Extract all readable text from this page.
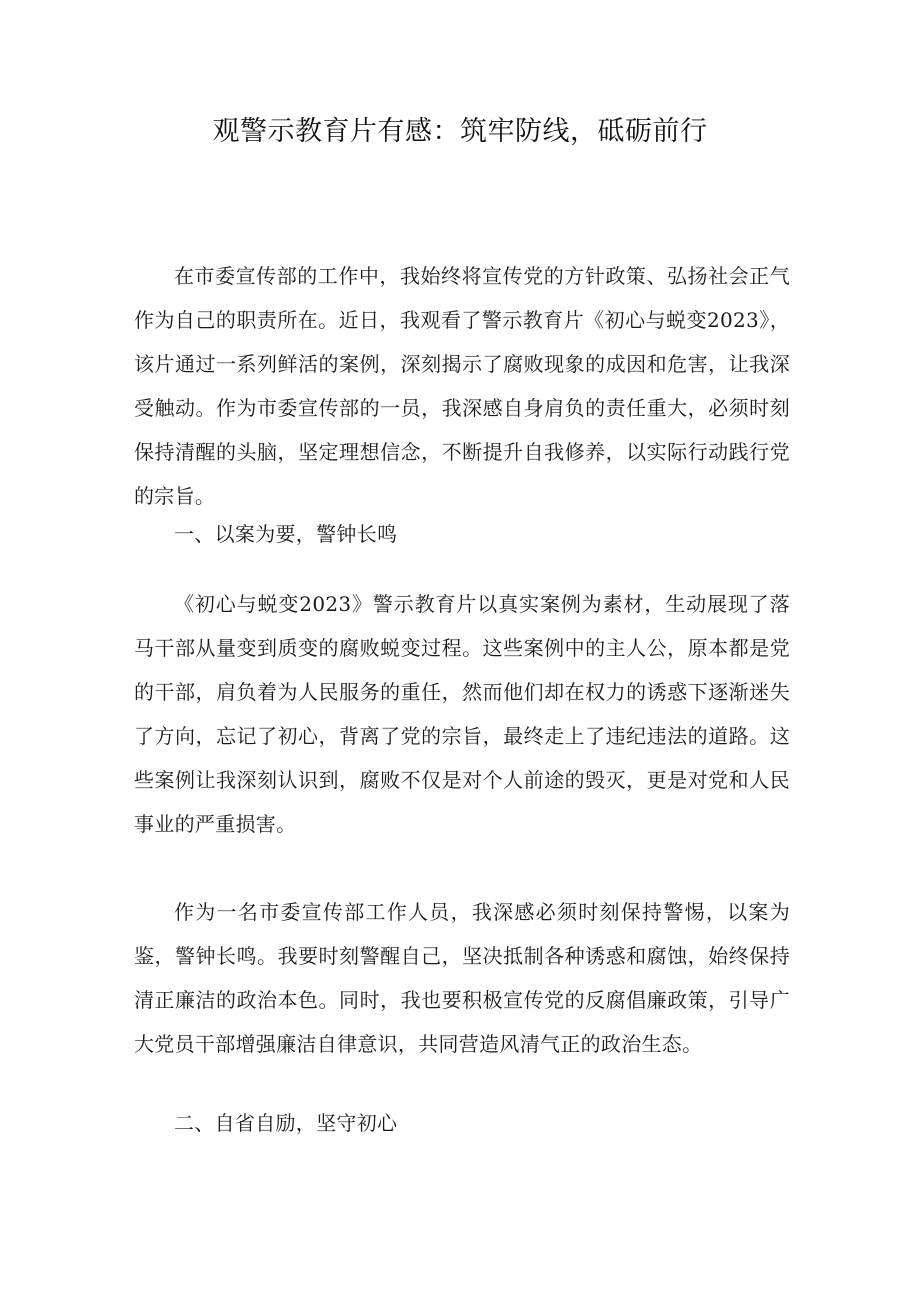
观警示教育片有感：筑牢防线，砥砺前行

在市委宣传部的工作中，我始终将宣传党的方针政策、弘扬社会正气作为自己的职责所在。近日，我观看了警示教育片《初心与蜕变2023》，该片通过一系列鲜活的案例，深刻揭示了腐败现象的成因和危害，让我深受触动。作为市委宣传部的一员，我深感自身肩负的责任重大，必须时刻保持清醒的头脑，坚定理想信念，不断提升自我修养，以实际行动践行党的宗旨。

一、以案为要，警钟长鸣

《初心与蜕变2023》警示教育片以真实案例为素材，生动展现了落马干部从量变到质变的腐败蜕变过程。这些案例中的主人公，原本都是党的干部，肩负着为人民服务的重任，然而他们却在权力的诱惑下逐渐迷失了方向，忘记了初心，背离了党的宗旨，最终走上了违纪违法的道路。这些案例让我深刻认识到，腐败不仅是对个人前途的毁灭，更是对党和人民事业的严重损害。

作为一名市委宣传部工作人员，我深感必须时刻保持警惕，以案为鉴，警钟长鸣。我要时刻警醒自己，坚决抵制各种诱惑和腐蚀，始终保持清正廉洁的政治本色。同时，我也要积极宣传党的反腐倡廉政策，引导广大党员干部增强廉洁自律意识，共同营造风清气正的政治生态。

二、自省自励，坚守初心
